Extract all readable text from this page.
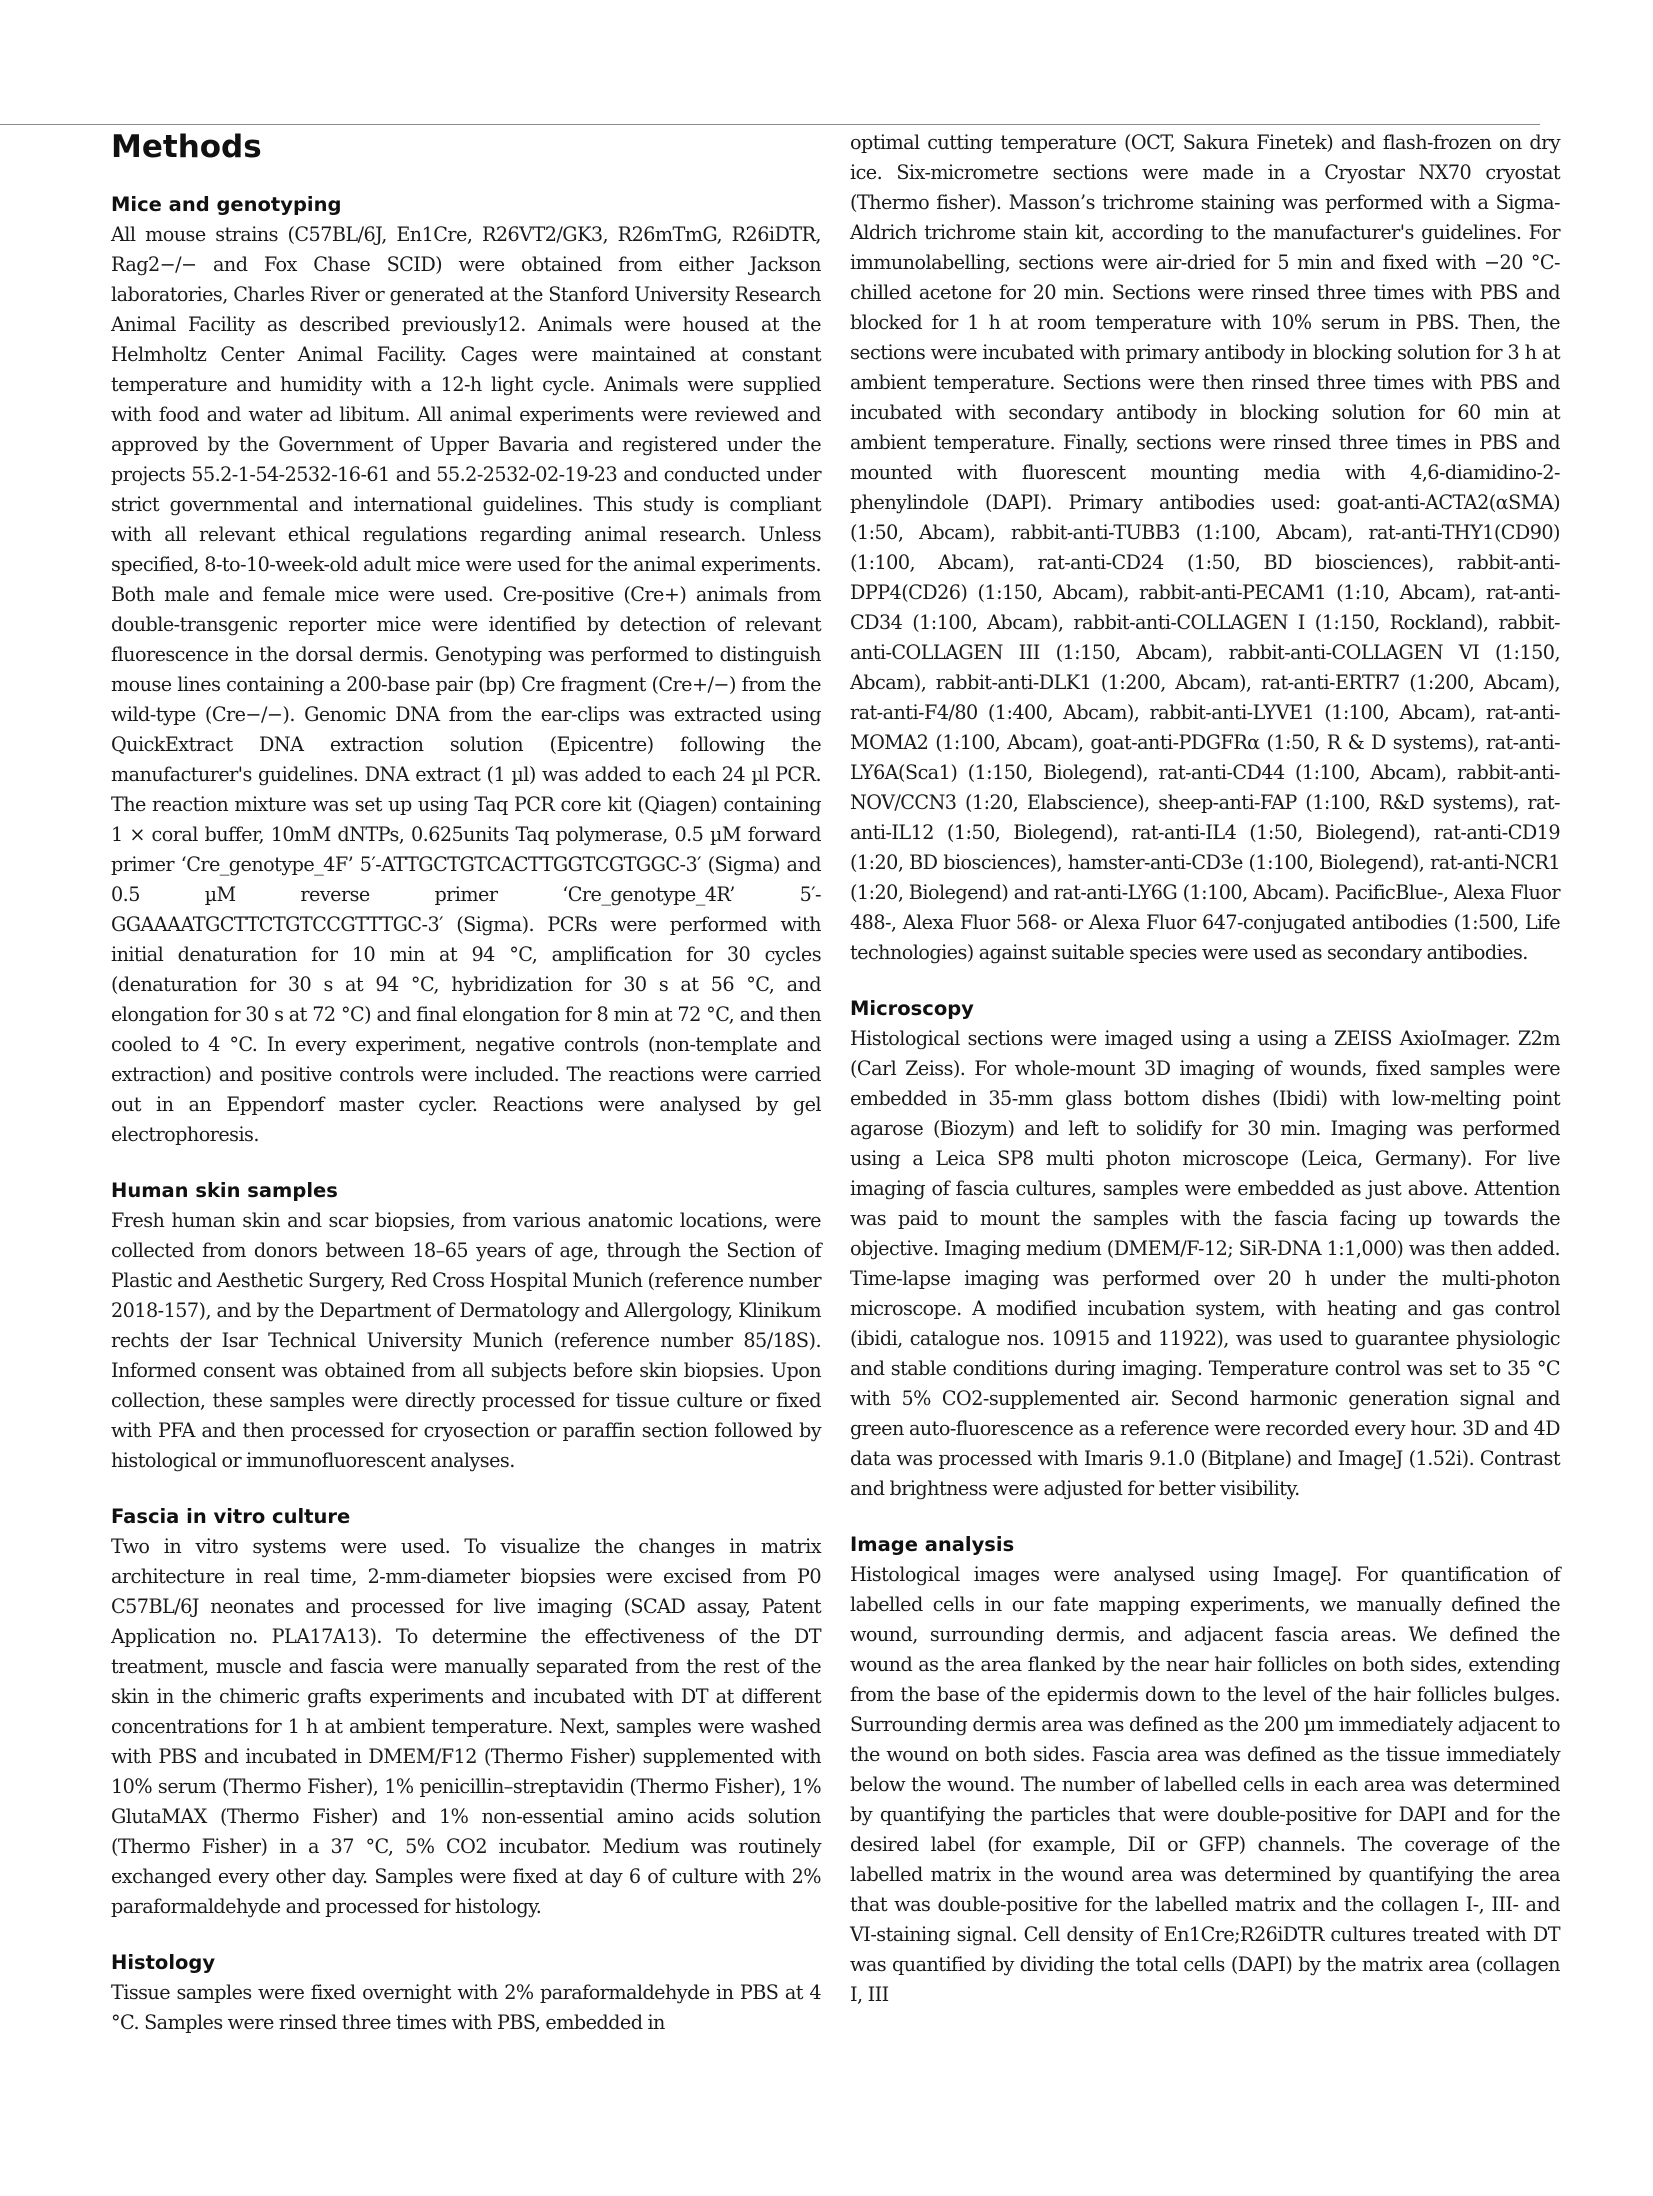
Methods
Mice and genotyping

All mouse strains (C57BL/6J, En1Cre, R26VT2/GK3, R26mTmG, R26iDTR, Rag2−/− and Fox Chase SCID) were obtained from either Jackson laboratories, Charles River or generated at the Stanford University Research Animal Facility as described previously12. Animals were housed at the Helmholtz Center Animal Facility. Cages were maintained at constant temperature and humidity with a 12-h light cycle. Animals were supplied with food and water ad libitum. All animal experiments were reviewed and approved by the Government of Upper Bavaria and registered under the projects 55.2-1-54-2532-16-61 and 55.2-2532-02-19-23 and conducted under strict governmental and international guidelines. This study is compliant with all relevant ethical regulations regarding animal research. Unless specified, 8-to-10-week-old adult mice were used for the animal experiments. Both male and female mice were used. Cre-positive (Cre+) animals from double-transgenic reporter mice were identified by detection of relevant fluorescence in the dorsal dermis. Genotyping was performed to distinguish mouse lines containing a 200-base pair (bp) Cre fragment (Cre+/−) from the wild-type (Cre−/−). Genomic DNA from the ear-clips was extracted using QuickExtract DNA extraction solution (Epicentre) following the manufacturer's guidelines. DNA extract (1 µl) was added to each 24 µl PCR. The reaction mixture was set up using Taq PCR core kit (Qiagen) containing 1 × coral buffer, 10mM dNTPs, 0.625units Taq polymerase, 0.5 µM forward primer ‘Cre_genotype_4F’ 5′-ATTGCTGTCACTTGGTCGTGGC-3′ (Sigma) and 0.5 µM reverse primer ‘Cre_genotype_4R’ 5′-GGAAAATGCTTCTGTCCGTTTGC-3′ (Sigma). PCRs were performed with initial denaturation for 10 min at 94 °C, amplification for 30 cycles (denaturation for 30 s at 94 °C, hybridization for 30 s at 56 °C, and elongation for 30 s at 72 °C) and final elongation for 8 min at 72 °C, and then cooled to 4 °C. In every experiment, negative controls (non-template and extraction) and positive controls were included. The reactions were carried out in an Eppendorf master cycler. Reactions were analysed by gel electrophoresis.

Human skin samples

Fresh human skin and scar biopsies, from various anatomic locations, were collected from donors between 18–65 years of age, through the Section of Plastic and Aesthetic Surgery, Red Cross Hospital Munich (reference number 2018-157), and by the Department of Dermatology and Allergology, Klinikum rechts der Isar Technical University Munich (reference number 85/18S). Informed consent was obtained from all subjects before skin biopsies. Upon collection, these samples were directly processed for tissue culture or fixed with PFA and then processed for cryosection or paraffin section followed by histological or immunofluorescent analyses.

Fascia in vitro culture

Two in vitro systems were used. To visualize the changes in matrix architecture in real time, 2-mm-diameter biopsies were excised from P0 C57BL/6J neonates and processed for live imaging (SCAD assay, Patent Application no. PLA17A13). To determine the effectiveness of the DT treatment, muscle and fascia were manually separated from the rest of the skin in the chimeric grafts experiments and incubated with DT at different concentrations for 1 h at ambient temperature. Next, samples were washed with PBS and incubated in DMEM/F12 (Thermo Fisher) supplemented with 10% serum (Thermo Fisher), 1% penicillin–streptavidin (Thermo Fisher), 1% GlutaMAX (Thermo Fisher) and 1% non-essential amino acids solution (Thermo Fisher) in a 37 °C, 5% CO2 incubator. Medium was routinely exchanged every other day. Samples were fixed at day 6 of culture with 2% paraformaldehyde and processed for histology.

Histology

Tissue samples were fixed overnight with 2% paraformaldehyde in PBS at 4 °C. Samples were rinsed three times with PBS, embedded in

optimal cutting temperature (OCT, Sakura Finetek) and flash-frozen on dry ice. Six-micrometre sections were made in a Cryostar NX70 cryostat (Thermo fisher). Masson’s trichrome staining was performed with a Sigma-Aldrich trichrome stain kit, according to the manufacturer's guidelines. For immunolabelling, sections were air-dried for 5 min and fixed with −20 °C-chilled acetone for 20 min. Sections were rinsed three times with PBS and blocked for 1 h at room temperature with 10% serum in PBS. Then, the sections were incubated with primary antibody in blocking solution for 3 h at ambient temperature. Sections were then rinsed three times with PBS and incubated with secondary antibody in blocking solution for 60 min at ambient temperature. Finally, sections were rinsed three times in PBS and mounted with fluorescent mounting media with 4,6-diamidino-2-phenylindole (DAPI). Primary antibodies used: goat-anti-ACTA2(αSMA) (1:50, Abcam), rabbit-anti-TUBB3 (1:100, Abcam), rat-anti-THY1(CD90) (1:100, Abcam), rat-anti-CD24 (1:50, BD biosciences), rabbit-anti-DPP4(CD26) (1:150, Abcam), rabbit-anti-PECAM1 (1:10, Abcam), rat-anti-CD34 (1:100, Abcam), rabbit-anti-COLLAGEN I (1:150, Rockland), rabbit-anti-COLLAGEN III (1:150, Abcam), rabbit-anti-COLLAGEN VI (1:150, Abcam), rabbit-anti-DLK1 (1:200, Abcam), rat-anti-ERTR7 (1:200, Abcam), rat-anti-F4/80 (1:400, Abcam), rabbit-anti-LYVE1 (1:100, Abcam), rat-anti-MOMA2 (1:100, Abcam), goat-anti-PDGFRα (1:50, R & D systems), rat-anti-LY6A(Sca1) (1:150, Biolegend), rat-anti-CD44 (1:100, Abcam), rabbit-anti-NOV/CCN3 (1:20, Elabscience), sheep-anti-FAP (1:100, R&D systems), rat-anti-IL12 (1:50, Biolegend), rat-anti-IL4 (1:50, Biolegend), rat-anti-CD19 (1:20, BD biosciences), hamster-anti-CD3e (1:100, Biolegend), rat-anti-NCR1 (1:20, Biolegend) and rat-anti-LY6G (1:100, Abcam). PacificBlue-, Alexa Fluor 488-, Alexa Fluor 568- or Alexa Fluor 647-conjugated antibodies (1:500, Life technologies) against suitable species were used as secondary antibodies.

Microscopy

Histological sections were imaged using a using a ZEISS AxioImager. Z2m (Carl Zeiss). For whole-mount 3D imaging of wounds, fixed samples were embedded in 35-mm glass bottom dishes (Ibidi) with low-melting point agarose (Biozym) and left to solidify for 30 min. Imaging was performed using a Leica SP8 multi photon microscope (Leica, Germany). For live imaging of fascia cultures, samples were embedded as just above. Attention was paid to mount the samples with the fascia facing up towards the objective. Imaging medium (DMEM/F-12; SiR-DNA 1:1,000) was then added. Time-lapse imaging was performed over 20 h under the multi-photon microscope. A modified incubation system, with heating and gas control (ibidi, catalogue nos. 10915 and 11922), was used to guarantee physiologic and stable conditions during imaging. Temperature control was set to 35 °C with 5% CO2-supplemented air. Second harmonic generation signal and green auto-fluorescence as a reference were recorded every hour. 3D and 4D data was processed with Imaris 9.1.0 (Bitplane) and ImageJ (1.52i). Contrast and brightness were adjusted for better visibility.

Image analysis

Histological images were analysed using ImageJ. For quantification of labelled cells in our fate mapping experiments, we manually defined the wound, surrounding dermis, and adjacent fascia areas. We defined the wound as the area flanked by the near hair follicles on both sides, extending from the base of the epidermis down to the level of the hair follicles bulges. Surrounding dermis area was defined as the 200 µm immediately adjacent to the wound on both sides. Fascia area was defined as the tissue immediately below the wound. The number of labelled cells in each area was determined by quantifying the particles that were double-positive for DAPI and for the desired label (for example, DiI or GFP) channels. The coverage of the labelled matrix in the wound area was determined by quantifying the area that was double-positive for the labelled matrix and the collagen I-, III- and VI-staining signal. Cell density of En1Cre;R26iDTR cultures treated with DT was quantified by dividing the total cells (DAPI) by the matrix area (collagen I, III
